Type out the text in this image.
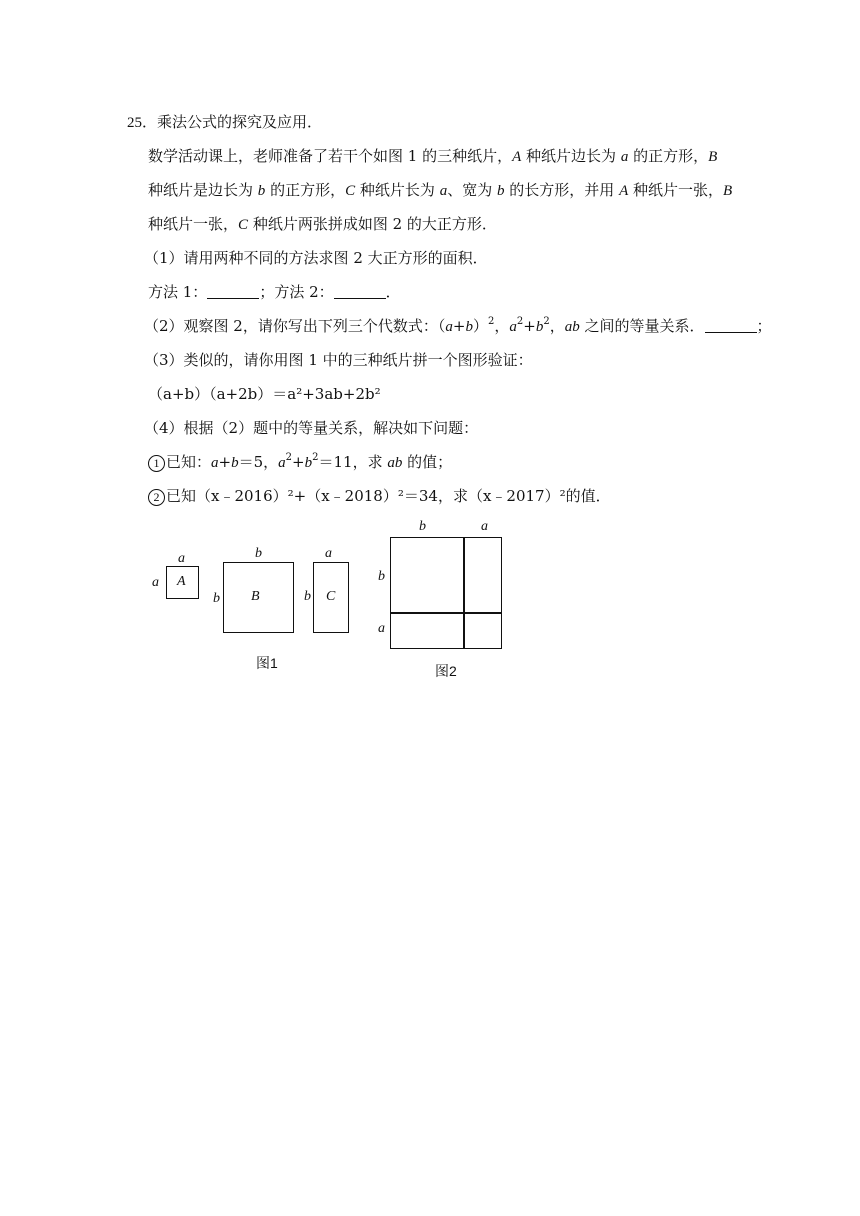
25．乘法公式的探究及应用．
数学活动课上，老师准备了若干个如图 1 的三种纸片，A 种纸片边长为 a 的正方形，B
种纸片是边长为 b 的正方形，C 种纸片长为 a、宽为 b 的长方形，并用 A 种纸片一张，B
种纸片一张，C 种纸片两张拼成如图 2 的大正方形．
（1）请用两种不同的方法求图 2 大正方形的面积．
方法 1：	；方法 2：	．
（2）观察图 2，请你写出下列三个代数式：$(a+b)^2$，$a^2+b^2$，ab 之间的等量关系．	；
（3）类似的，请你用图 1 中的三种纸片拼一个图形验证：
（a+b）（a+2b）＝a²+3ab+2b²
（4）根据（2）题中的等量关系，解决如下问题：
1 已知：a+b＝5，$a^2+b^2=11$，求 ab 的值；
2 已知（x﹣2016）²+（x﹣2018）²＝34，求（x﹣2017）²的值．
a
a A
b
b B
a
b C
图1
b	a
b
a
图2
